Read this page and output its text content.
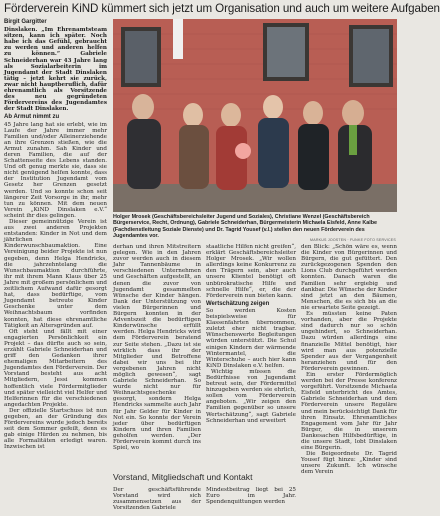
Förderverein KiND kümmert sich jetzt um Organisation und auch um weitere Aufgaben
Birgit Gargitter

Dinslaken. „Im Ehrenamtsteam sitzen, kann ich später. Noch habe ich das Gefühl, gebraucht zu werden und anderen helfen zu können.“ Gabriele Schneiderhan war 43 Jahre lang als Sozialarbeiterin im Jugendamt der Stadt Dinslaken tätig – jetzt kehrt sie zurück, zwar nicht hauptberuflich, dafür ehrenamtlich als Vorsitzende des neu gegründeten Fördervereins des Jugendamtes der Stadt Dinslaken.

Ab Armut nimmt zu

45 Jahre lang hat sie erlebt, wie im Laufe der Jahre immer mehr Familien und/oder Alleinerziehende an ihre Grenzen stießen, wie die Armut zunahm. Sah Kinder und deren Familien, die auf der Schattenseite des Lebens standen. Und oft genug merkte sie, dass sie nicht genügend helfen konnte, dass der Institution Jugendamt vom Gesetz her Grenzen gesetzt werden. Und so konnte schon seit längerer Zeit Vorsorge in ihr, mehr tun zu können. Mit dem neuen Verein „KiND Dinslaken e.V.“ scheint ihr dies gelingen.

Dieser gemeinnützige Verein ist aus zwei anderen Projekten entstanden: Kinder in Not und dem jährlichen Kinderwunschbaumaktion. Eine Vereinigung beider Projekte ist nun gegeben, denn Helga Hendricks, die jahrzehntelang die Wunschbaumaktion durchführte, ihr mit ihrem Mann Klaus über 25 Jahre mit großem persönlichem und zeitlichem Aufwand dafür gesorgt hat, dass bedürftige, vom Jugendamt betreute Kinder Geschenke unter dem Weihnachtsbaum vorfinden konnten, hat diese ehrenamtliche Tätigkeit an Altersgründen auf.

Oft steht und fällt mit einer engagierten Persönlichkeit ein Projekt – das dürfte auch so sein, erzählt Gabriele Schneiderhan und griff den Gedanken ihrer ehemaligen Mitarbeitern des Jugendamtes den Förderverein. Der Vorstand besteht aus acht Mitgliedern, Jessi kommen hoffentlich viele Fördermitglieder und später vielleicht viel Helfer und Helferinnen für die verschiedenen angedachten Projekte.

Der offizielle Startschuss ist nun gegeben, an der Gründung des Fördervereins wurde jedoch bereits seit dem Sommer gefeilt, denn es gab einige Hürden zu nehmen, bis alle Formalitäten erledigt waren. Inzwischen ist

Holger Mrosek (Geschäftsbereichsleiter Jugend und Soziales), Christiane Wenzel (Geschäftsbereich Bürgerservice, Recht, Ordnung), Gabriele Schneiderhan, Bürgermeisterin Michaela Eisfeld, Anne Kalbe (Fachdienstleitung Soziale Dienste) und Dr. Tagrid Yousef (v.l.) stellen den neuen Förderverein des Jugendamtes vor.
MARKUS JOOSTEN · FUNKE FOTO SERVICES

derhan und ihren Mitstreitern gelegen. Wie in den Jahren zuvor werden auch in diesem Jahr Tannenbäume in verschiedenen Unternehmen und Geschäften aufgestellt, an denen die zuvor von Jugendamt gesammelten Wünsche der Kinder hängen. Dank der Unterstützung von vielen Bürgerinnen und Bürgern konnten in der Adventszeit die bedürftigen Kinderwünsche erfüllt werden. Helga Hendricks wird dem Förderverein beratend zur Seite stehen. „Dazu ist sie wirklich dass ihr der Mitglieder und Betroffene dabei wir uns bei ihr vergebenen Jahren nicht möglich gewesen“, sagt Gabriele Schneiderhan. So wurde nicht nur für Weihnachtsgeschenke gesorgt, sondern Helga Hendricks sammelte auch Jahr für Jahr Gelder für Kinder in Not ein. So konnte der Verein jeder über bedürftigen Kindern und ihren Familien geholfen werden. „Der Förderverein kommt durch ins Spiel, wo

staatliche Hilfen nicht greifen“, erklärt Geschäftsbereichsleiter Holger Mrosek. „Wir wollen allerdings keine Konkurrenz zu den Trägern sein, aber auch unsere Klientel benötigt oft unbürokratische Hilfe und schnelle Hilfe“, er, die der Förderverein nun bieten kann.

Wertschätzung zeigen

So werden Kosten beispielsweise für Klassenfahrten übernommen, zuletzt eher nicht tragbar. Wünschenswerte Begleitungen würden unterstützt. Die Schul einigen Kindern der wärmende Wintermantel, die Winterschuhe – auch hier kann KiND Dinslaken e.V. helfen.

Wichtig müssen die Bedürfnisse von Jugendamt betreut sein, der Fördermittel hinzugeben werden sie ehrlich, sollen vom Förderverein angeboten. „Wir zeigen den Familien gegenüber so unsere Wertschätzung“, sagt Gabriele Schneiderhan und erweitert

den Blick: „Schön wäre es, wenn die Kinder von Bürgerinnen und Bürgern, die gut gefüttert. Den zurückgezogenen Spenden den Lions Club durchgeführt werden konnten. Danach waren die Familien sehr ergiebig und dankbar. Die Wünsche der Kinder sind jetzt an den Bäumen, Menschen, die es sich bis an die nie erwartete Seite gezeigt.

Es müssten keine Paten vorhanden, aber die Projekte sind dadurch nur so schön ungehindert, so Schneiderhan. Dazu würden allerdings eine finanzielle Mittel benötigt, hier wird man aus potenzielle Spender aus der Vergangenheit heranziehen und für den Förderverein gewinnen.

Ein erster Fördermöglich werden bei der Presse konferenz vorgeführt. Vorsitzende Michaela Eisfeld unterbricht des Amtes, Gabriele Schneiderhan und dem Förderverein unsere Reguläre und mein berücksichtigt Dank für ihren Einsatz. Ehrenamtliches Engagement vom Jahr für Jahr Bürger, die in unserem Dankesachen Hilfsbedürftige, in die unsere Stadt, lobt Dinslaken eine Bürgerin.

Die Beigeordnete Dr. Tagrid Yousef fügt hinzu: „Kinder sind unsere Zukunft. Ich wünsche dem Verein

Vorstand, Mitgliedschaft und Kontakt
Der geschäftsführende Vorstand wird sich zusammensetzen aus der Vorsitzenden Gabriele
Mindestbeitrag liegt bei 25 Euro im Jahr. Spendenquittungen werden
